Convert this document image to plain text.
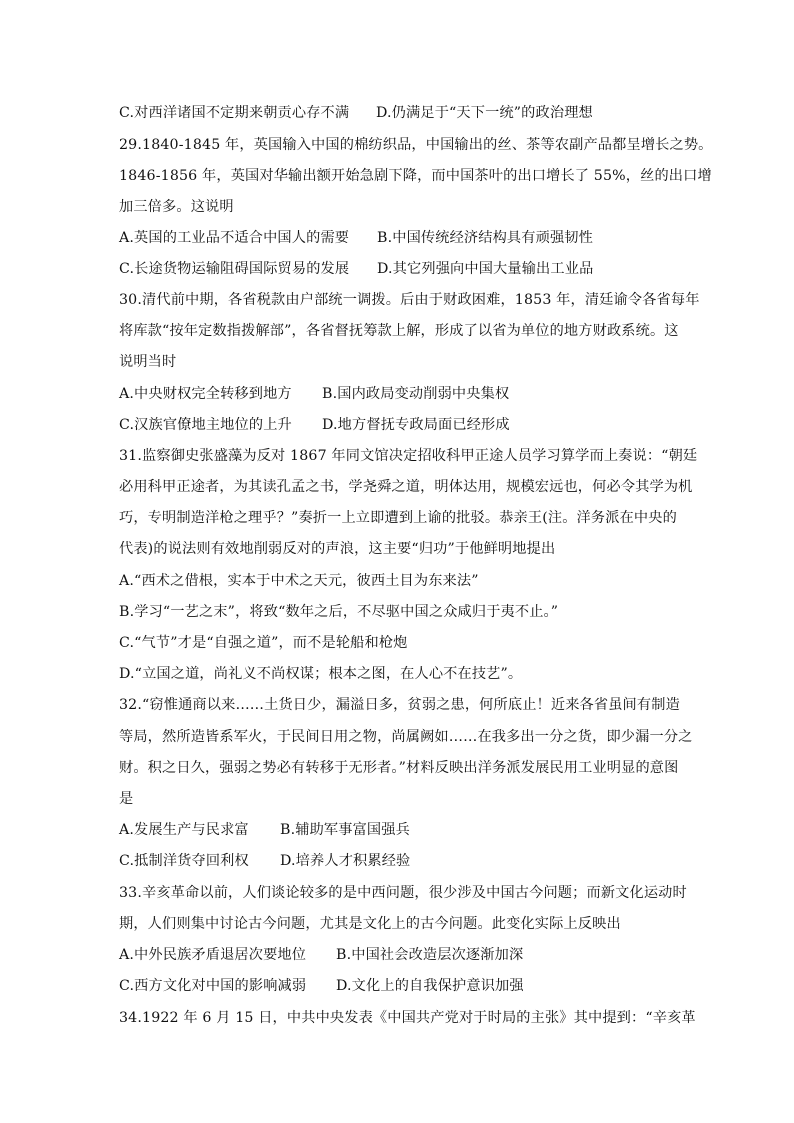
C.对西洋诸国不定期来朝贡心存不满 D.仍满足于“天下一统”的政治理想
29.1840-1845 年，英国输入中国的棉纺织品，中国输出的丝、茶等农副产品都呈增长之势。
1846-1856 年，英国对华输出额开始急剧下降，而中国茶叶的出口增长了 55%，丝的出口增
加三倍多。这说明
A.英国的工业品不适合中国人的需要 B.中国传统经济结构具有顽强韧性
C.长途货物运输阻碍国际贸易的发展 D.其它列强向中国大量输出工业品
30.清代前中期，各省税款由户部统一调拨。后由于财政困难，1853 年，清廷谕令各省每年
将库款“按年定数指拨解部”，各省督抚筹款上解，形成了以省为单位的地方财政系统。这
说明当时
A.中央财权完全转移到地方 B.国内政局变动削弱中央集权
C.汉族官僚地主地位的上升 D.地方督抚专政局面已经形成
31.监察御史张盛藻为反对 1867 年同文馆决定招收科甲正途人员学习算学而上奏说：“朝廷
必用科甲正途者，为其读孔孟之书，学尧舜之道，明体达用，规模宏远也，何必令其学为机
巧，专明制造洋枪之理乎？”奏折一上立即遭到上谕的批驳。恭亲王(注。洋务派在中央的
代表)的说法则有效地削弱反对的声浪，这主要“归功”于他鲜明地提出
A.“西术之借根，实本于中术之天元，彼西土目为东来法”
B.学习“一艺之末”，将致“数年之后，不尽驱中国之众咸归于夷不止。”
C.“气节”才是“自强之道”，而不是轮船和枪炮
D.“立国之道，尚礼义不尚权谋；根本之图，在人心不在技艺”。
32.“窃惟通商以来……土货日少，漏溢日多，贫弱之患，何所底止！近来各省虽间有制造
等局，然所造皆系军火，于民间日用之物，尚属阙如……在我多出一分之货，即少漏一分之
财。积之日久，强弱之势必有转移于无形者。”材料反映出洋务派发展民用工业明显的意图
是
A.发展生产与民求富 B.辅助军事富国强兵
C.抵制洋货夺回利权 D.培养人才积累经验
33.辛亥革命以前，人们谈论较多的是中西问题，很少涉及中国古今问题；而新文化运动时
期，人们则集中讨论古今问题，尤其是文化上的古今问题。此变化实际上反映出
A.中外民族矛盾退居次要地位 B.中国社会改造层次逐渐加深
C.西方文化对中国的影响减弱 D.文化上的自我保护意识加强
34.1922 年 6 月 15 日，中共中央发表《中国共产党对于时局的主张》其中提到：“辛亥革
